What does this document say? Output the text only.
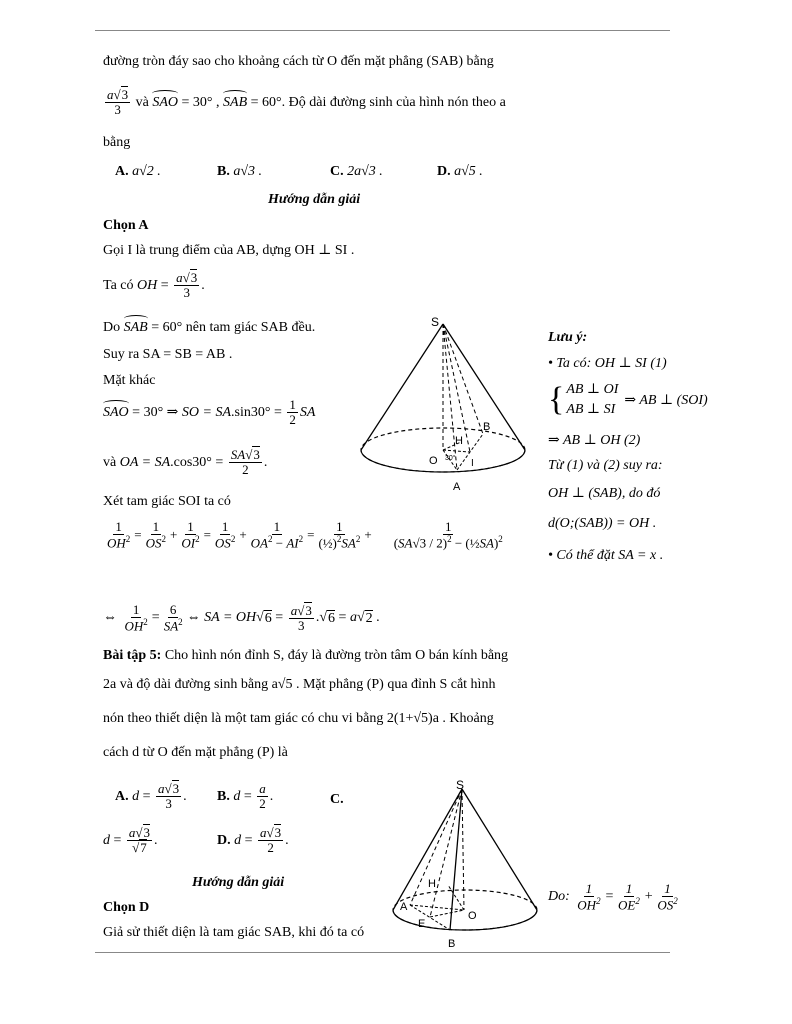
đường tròn đáy sao cho khoảng cách từ O đến mặt phẳng (SAB) bằng
$\frac{a√3}{3}$ và SAO = 30° , SAB = 60° . Độ dài đường sinh của hình nón theo a
bằng
A. a√2 .	B. a√3 .	C. 2a√3 .	D. a√5 .
Hướng dẫn giải
Chọn A
Gọi I là trung điểm của AB, dựng OH ⊥ SI .
Ta có
OH = $\frac{a√3}{3}$ .
Do SAB = 60° nên tam giác SAB đều.
Suy ra SA = SB = AB .
Mặt khác
SAO = 30° ⇒ SO = SA $.\sin 30^\circ = \frac{1}{2}$ SA
và OA = SA $.\cos 30^\circ = \frac{SA√3}{2}$ .
Xét tam giác SOI ta có
$\frac{1}{OH^2} = \frac{1}{OS^2} + \frac{1}{OI^2} = \frac{1}{OS^2} + \frac{1}{OA^2 - AI^2} = \frac{1}{(\frac{1}{2})^2SA^2} + \frac{1}{(SA√3 / 2)^2 - (\frac{1}{2}SA)^2}$
⇔ $\frac{1}{OH^2} = \frac{6}{SA^2}$ ⇔ SA = OH √ $6 = \frac{a√3}{3}$ .√ 6 = a √ 2 .
Lưu ý:
• Ta có: OH ⊥ SI (1)
{ AB ⊥ OI
AB ⊥ SI
⇒ AB ⊥ (SOI)
⇒ AB ⊥ OH (2)
Từ (1) và (2) suy ra:
OH ⊥ (SAB), do đó
d(O;(SAB)) = OH .
• Có thể đặt SA = x .
S
H
B
O	I
A
30°
Bài tập 5: Cho hình nón đỉnh S, đáy là đường tròn tâm O bán kính bằng
2a và độ dài đường sinh bằng a√5 . Mặt phẳng (P) qua đỉnh S cắt hình
nón theo thiết diện là một tam giác có chu vi bằng 2(1+√5)a . Khoảng
cách d từ O đến mặt phẳng (P) là
A.
$d = \frac{a√3}{3}$ . B.
$d = \frac{a}{2}$ .	C.
$d = \frac{a√3}{√7}$ .	D.
$d = \frac{a√3}{2}$ .
Hướng dẫn giải
Chọn D
Giả sử thiết diện là tam giác SAB, khi đó ta có
S
H
A
E
O
B
Do:
$\frac{1}{OH^2} = \frac{1}{OE^2} + \frac{1}{OS^2}$
